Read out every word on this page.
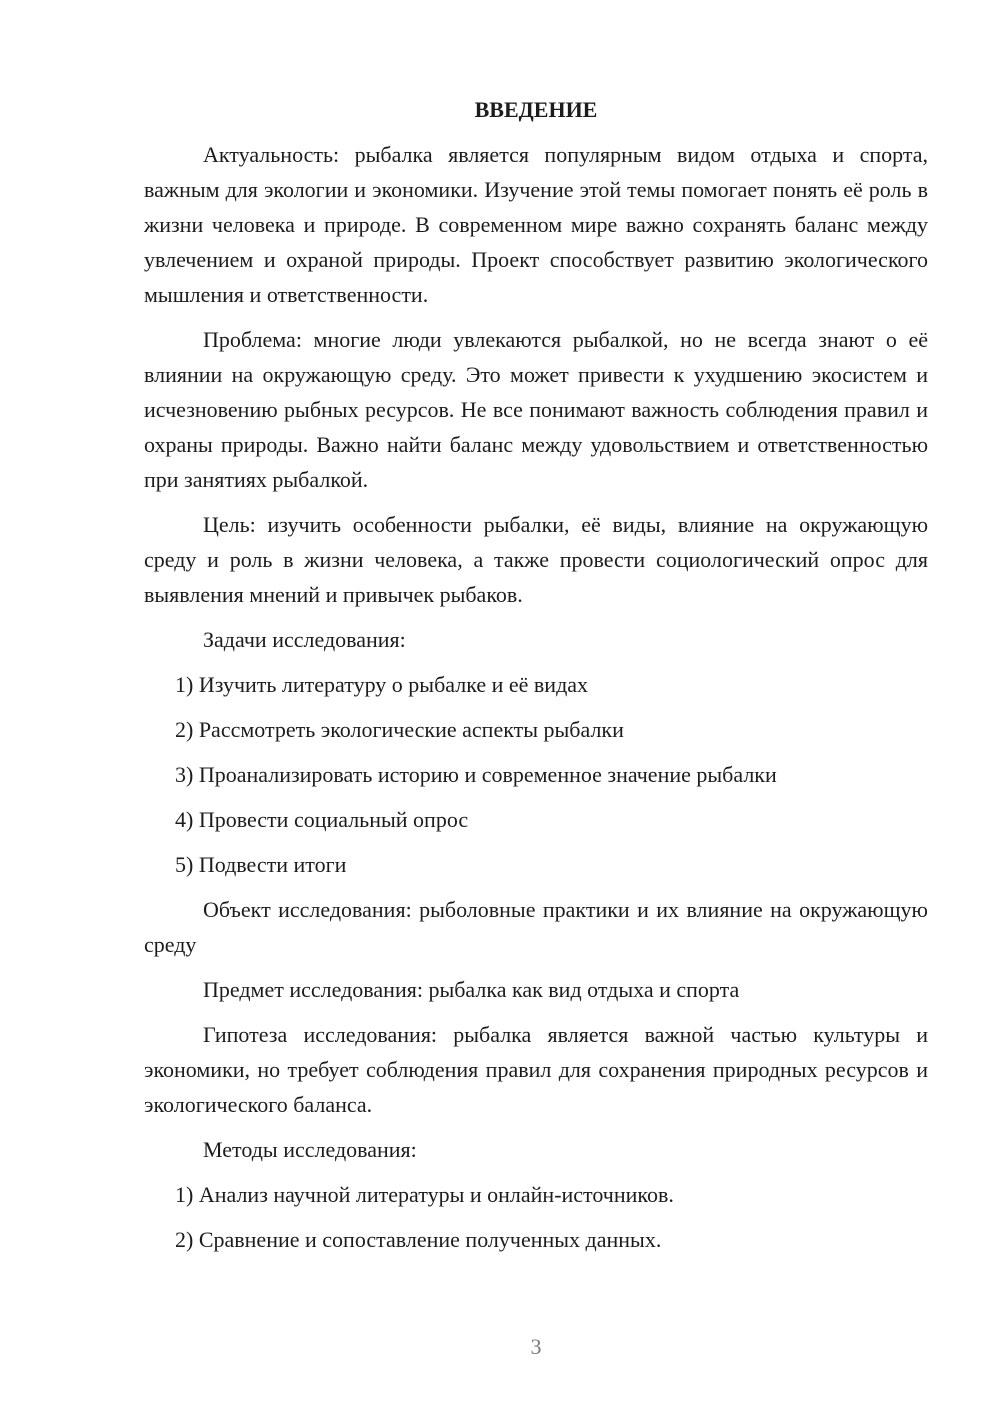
ВВЕДЕНИЕ

Актуальность: рыбалка является популярным видом отдыха и спорта, важным для экологии и экономики. Изучение этой темы помогает понять её роль в жизни человека и природе. В современном мире важно сохранять баланс между увлечением и охраной природы. Проект способствует развитию экологического мышления и ответственности.

Проблема: многие люди увлекаются рыбалкой, но не всегда знают о её влиянии на окружающую среду. Это может привести к ухудшению экосистем и исчезновению рыбных ресурсов. Не все понимают важность соблюдения правил и охраны природы. Важно найти баланс между удовольствием и ответственностью при занятиях рыбалкой.

Цель: изучить особенности рыбалки, её виды, влияние на окружающую среду и роль в жизни человека, а также провести социологический опрос для выявления мнений и привычек рыбаков.

Задачи исследования:

1) Изучить литературу о рыбалке и её видах

2) Рассмотреть экологические аспекты рыбалки

3) Проанализировать историю и современное значение рыбалки

4) Провести социальный опрос

5) Подвести итоги

Объект исследования: рыболовные практики и их влияние на окружающую среду

Предмет исследования: рыбалка как вид отдыха и спорта

Гипотеза исследования: рыбалка является важной частью культуры и экономики, но требует соблюдения правил для сохранения природных ресурсов и экологического баланса.

Методы исследования:

1) Анализ научной литературы и онлайн-источников.

2) Сравнение и сопоставление полученных данных.

3
